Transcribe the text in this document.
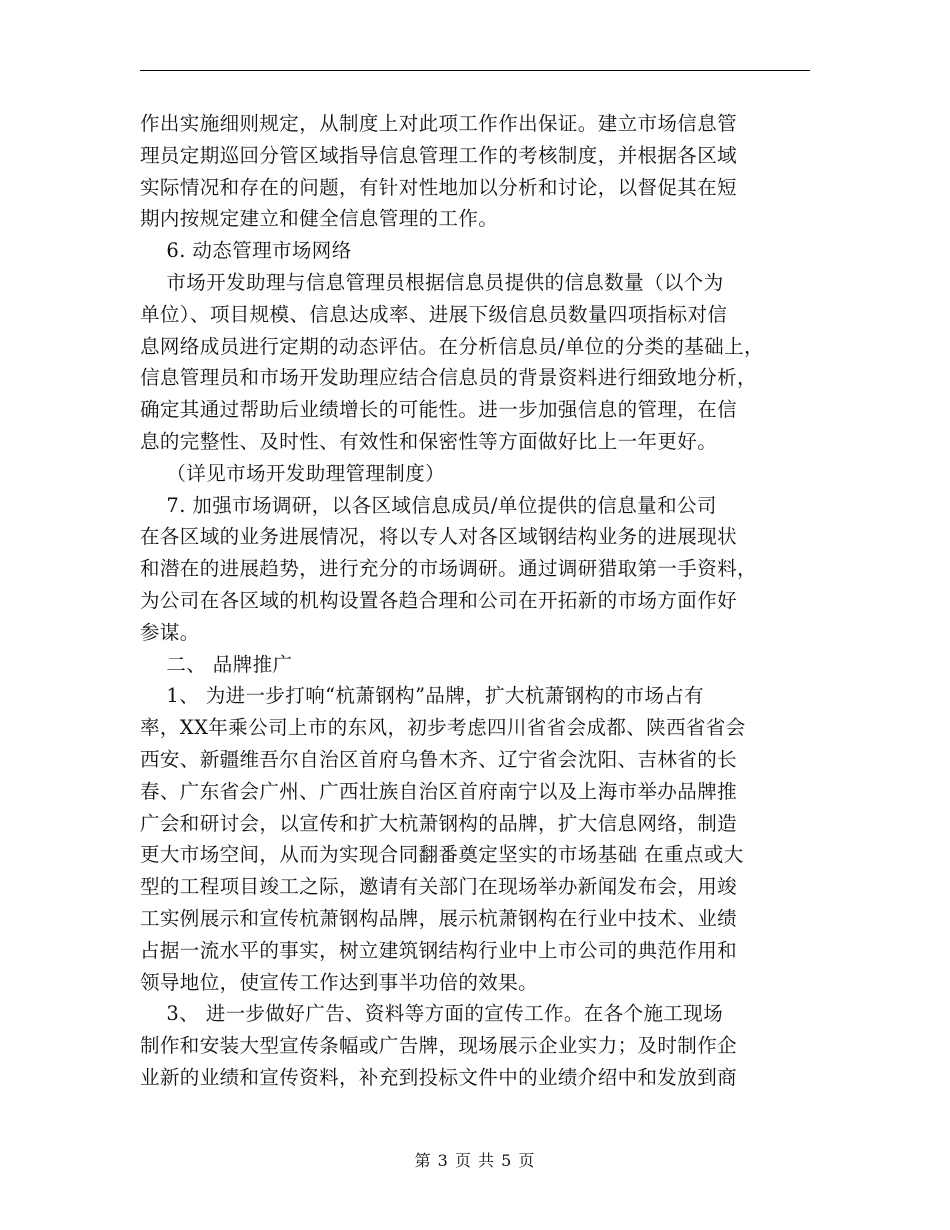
作出实施细则规定，从制度上对此项工作作出保证。建立市场信息管
理员定期巡回分管区域指导信息管理工作的考核制度，并根据各区域
实际情况和存在的问题，有针对性地加以分析和讨论，以督促其在短
期内按规定建立和健全信息管理的工作。
6. 动态管理市场网络
市场开发助理与信息管理员根据信息员提供的信息数量（以个为
单位）、项目规模、信息达成率、进展下级信息员数量四项指标对信
息网络成员进行定期的动态评估。在分析信息员/单位的分类的基础上，
信息管理员和市场开发助理应结合信息员的背景资料进行细致地分析，
确定其通过帮助后业绩增长的可能性。进一步加强信息的管理，在信
息的完整性、及时性、有效性和保密性等方面做好比上一年更好。
（详见市场开发助理管理制度）
7. 加强市场调研，以各区域信息成员/单位提供的信息量和公司
在各区域的业务进展情况，将以专人对各区域钢结构业务的进展现状
和潜在的进展趋势，进行充分的市场调研。通过调研猎取第一手资料，
为公司在各区域的机构设置各趋合理和公司在开拓新的市场方面作好
参谋。
二、 品牌推广
1、 为进一步打响“杭萧钢构”品牌，扩大杭萧钢构的市场占有
率，XX年乘公司上市的东风，初步考虑四川省省会成都、陕西省省会
西安、新疆维吾尔自治区首府乌鲁木齐、辽宁省会沈阳、吉林省的长
春、广东省会广州、广西壮族自治区首府南宁以及上海市举办品牌推
广会和研讨会，以宣传和扩大杭萧钢构的品牌，扩大信息网络，制造
更大市场空间，从而为实现合同翻番奠定坚实的市场基础 在重点或大
型的工程项目竣工之际，邀请有关部门在现场举办新闻发布会，用竣
工实例展示和宣传杭萧钢构品牌，展示杭萧钢构在行业中技术、业绩
占据一流水平的事实，树立建筑钢结构行业中上市公司的典范作用和
领导地位，使宣传工作达到事半功倍的效果。
3、 进一步做好广告、资料等方面的宣传工作。在各个施工现场
制作和安装大型宣传条幅或广告牌，现场展示企业实力；及时制作企
业新的业绩和宣传资料，补充到投标文件中的业绩介绍中和发放到商
第 3 页 共 5 页
